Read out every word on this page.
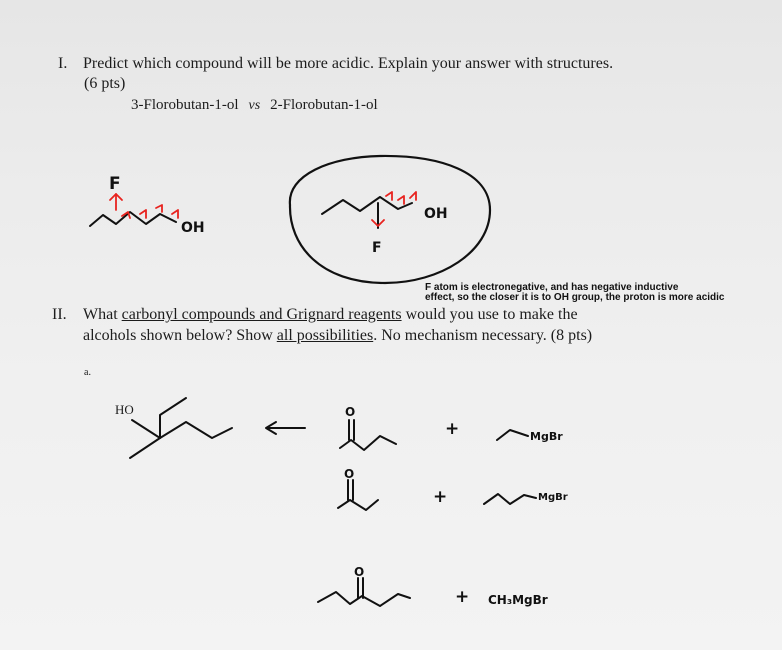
I. Predict which compound will be more acidic. Explain your answer with structures.
(6 pts)
3-Florobutan-1-ol vs 2-Florobutan-1-ol
F atom is electronegative, and has negative inductive
effect, so the closer it is to OH group, the proton is more acidic
II. What carbonyl compounds and Grignard reagents would you use to make the
alcohols shown below? Show all possibilities. No mechanism necessary. (8 pts)
a.
HO
F
OH
OH
F
O
+	MgBr
O
+	MgBr
O
+ CH₃MgBr
